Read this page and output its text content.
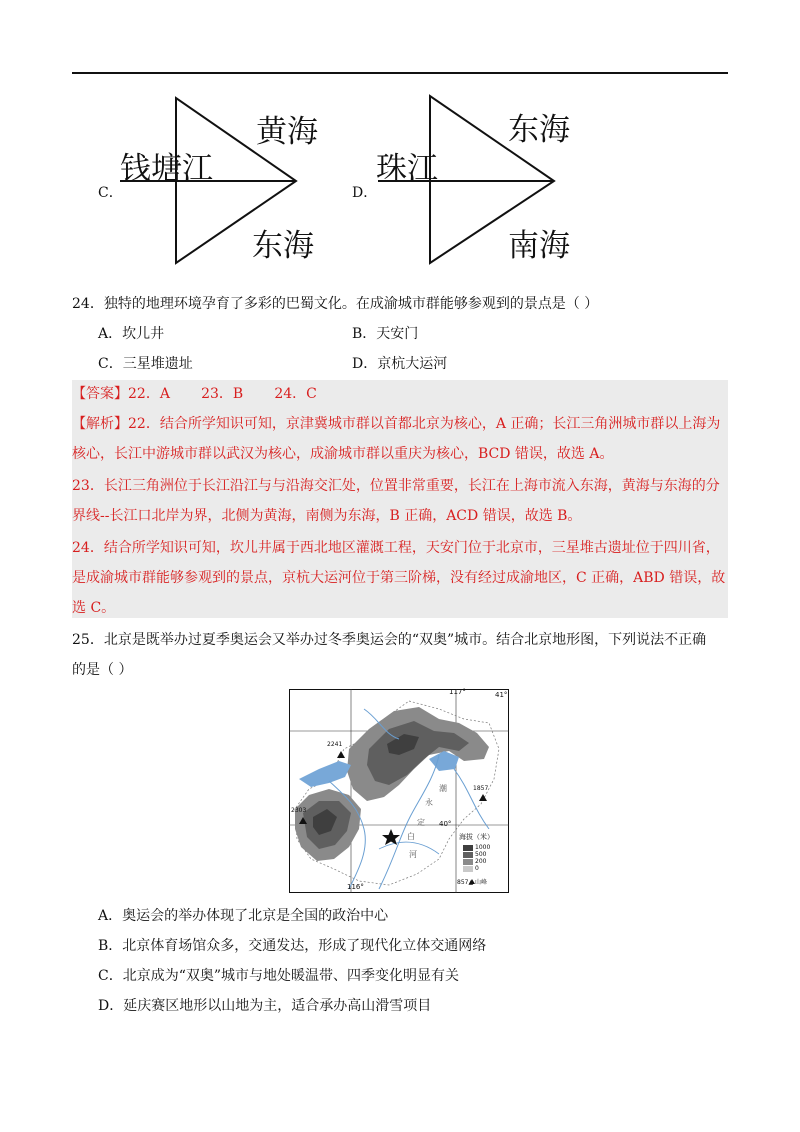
钱塘江
黄海
东海
C．
珠江
东海
南海
D．
24．独特的地理环境孕育了多彩的巴蜀文化。在成渝城市群能够参观到的景点是（ ）
A．坎儿井	B．天安门
C．三星堆遗址	D．京杭大运河
【答案】22．A       23．B       24．C
【解析】22．结合所学知识可知，京津冀城市群以首都北京为核心，A 正确；长江三角洲城市群以上海为
核心，长江中游城市群以武汉为核心，成渝城市群以重庆为核心，BCD 错误，故选 A。
23．长江三角洲位于长江沿江与与沿海交汇处，位置非常重要，长江在上海市流入东海，黄海与东海的分
界线--长江口北岸为界，北侧为黄海，南侧为东海，B 正确，ACD 错误，故选 B。
24．结合所学知识可知，坎儿井属于西北地区灌溉工程，天安门位于北京市，三星堆古遗址位于四川省，
是成渝城市群能够参观到的景点，京杭大运河位于第三阶梯，没有经过成渝地区，C 正确，ABD 错误，故
选 C。
25．北京是既举办过夏季奥运会又举办过冬季奥运会的“双奥”城市。结合北京地形图，下列说法不正确
的是（ ）
117°	41°
116°
40°
2241
2303
1857
永
定
河
潮
白	海拔（米）
1000
500
200
0
857▲ 山峰
A．奥运会的举办体现了北京是全国的政治中心
B．北京体育场馆众多，交通发达，形成了现代化立体交通网络
C．北京成为“双奥”城市与地处暖温带、四季变化明显有关
D．延庆赛区地形以山地为主，适合承办高山滑雪项目
